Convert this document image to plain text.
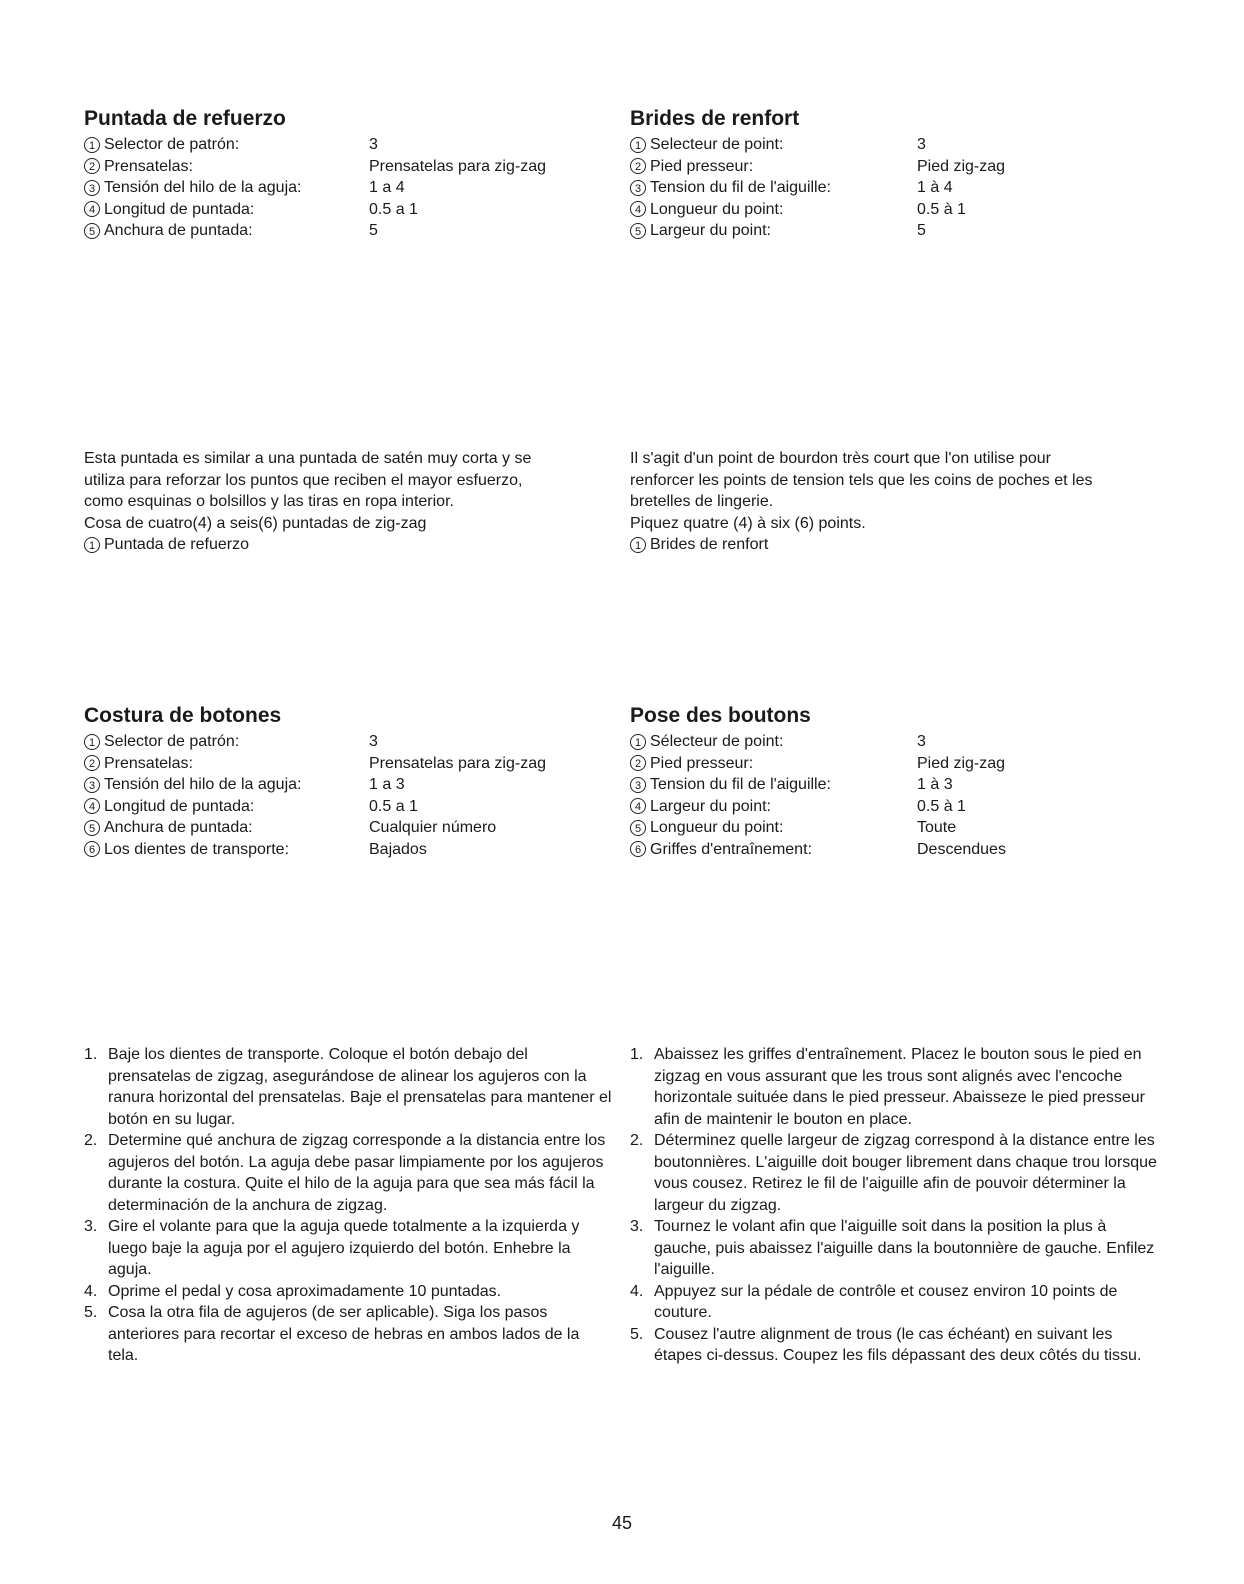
Puntada de refuerzo
1 Selector de patrón:	3
2 Prensatelas:	Prensatelas para zig-zag
3 Tensión del hilo de la aguja:	1 a 4
4 Longitud de puntada:	0.5 a 1
5 Anchura de puntada:	5

Esta puntada es similar a una puntada de satén muy corta y se

utiliza para reforzar los puntos que reciben el mayor esfuerzo,

como esquinas o bolsillos y las tiras en ropa interior.

Cosa de cuatro(4) a seis(6) puntadas de zig-zag

1 Puntada de refuerzo
Brides de renfort
1 Selecteur de point:	3
2 Pied presseur:	Pied zig-zag
3 Tension du fil de l'aiguille:	1 à 4
4 Longueur du point:	0.5 à 1
5 Largeur du point:	5

Il s'agit d'un point de bourdon très court que l'on utilise pour

renforcer les points de tension tels que les coins de poches et les

bretelles de lingerie.

Piquez quatre (4) à six (6) points.

1 Brides de renfort
Costura de botones
1 Selector de patrón:	3
2 Prensatelas:	Prensatelas para zig-zag
3 Tensión del hilo de la aguja:	1 a 3
4 Longitud de puntada:	0.5 a 1
5 Anchura de puntada:	Cualquier número
6 Los dientes de transporte:	Bajados
1. Baje los dientes de transporte. Coloque el botón debajo del prensatelas de zigzag, asegurándose de alinear los agujeros con la ranura horizontal del prensatelas. Baje el prensatelas para mantener el botón en su lugar.
2. Determine qué anchura de zigzag corresponde a la distancia entre los agujeros del botón. La aguja debe pasar limpiamente por los agujeros durante la costura. Quite el hilo de la aguja para que sea más fácil la determinación de la anchura de zigzag.
3. Gire el volante para que la aguja quede totalmente a la izquierda y luego baje la aguja por el agujero izquierdo del botón. Enhebre la aguja.
4. Oprime el pedal y cosa aproximadamente 10 puntadas.
5. Cosa la otra fila de agujeros (de ser aplicable). Siga los pasos anteriores para recortar el exceso de hebras en ambos lados de la tela.
Pose des boutons
1 Sélecteur de point:	3
2 Pied presseur:	Pied zig-zag
3 Tension du fil de l'aiguille:	1 à 3
4 Largeur du point:	0.5 à 1
5 Longueur du point:	Toute
6 Griffes d'entraînement:	Descendues
1. Abaissez les griffes d'entraînement. Placez le bouton sous le pied en zigzag en vous assurant que les trous sont alignés avec l'encoche horizontale suituée dans le pied presseur. Abaisseze le pied presseur afin de maintenir le bouton en place.
2. Déterminez quelle largeur de zigzag correspond à la distance entre les boutonnières. L'aiguille doit bouger librement dans chaque trou lorsque vous cousez. Retirez le fil de l'aiguille afin de pouvoir déterminer la largeur du zigzag.
3. Tournez le volant afin que l'aiguille soit dans la position la plus à gauche, puis abaissez l'aiguille dans la boutonnière de gauche. Enfilez l'aiguille.
4. Appuyez sur la pédale de contrôle et cousez environ 10 points de couture.
5. Cousez l'autre alignment de trous (le cas échéant) en suivant les étapes ci-dessus. Coupez les fils dépassant des deux côtés du tissu.
45
